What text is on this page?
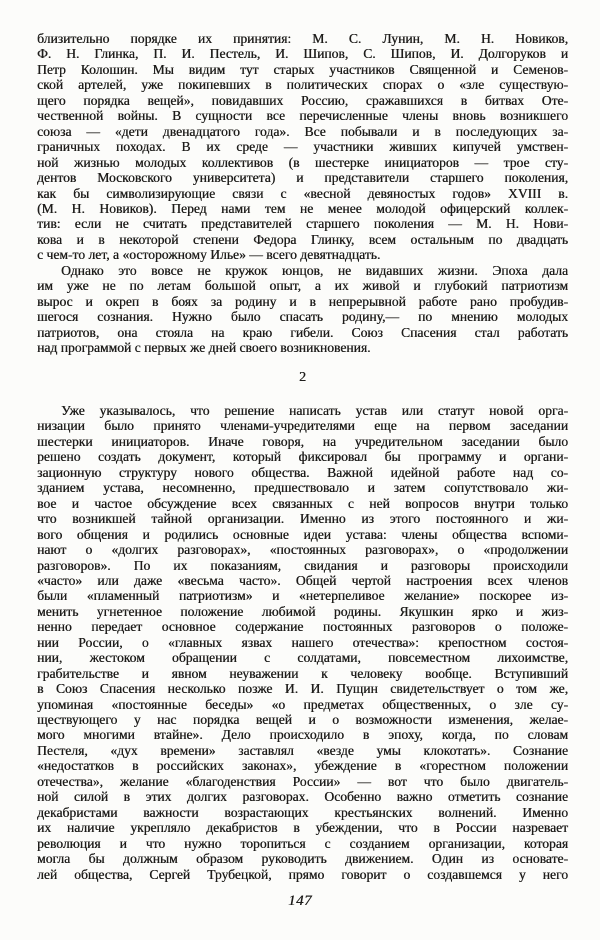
близительно порядке их принятия: М. С. Лунин, М. Н. Новиков,
Ф. Н. Глинка, П. И. Пестель, И. Шипов, С. Шипов, И. Долгоруков и
Петр Колошин. Мы видим тут старых участников Священной и Семенов-
ской артелей, уже покипевших в политических спорах о «зле существую-
щего порядка вещей», повидавших Россию, сражавшихся в битвах Оте-
чественной войны. В сущности все перечисленные члены вновь возникшего
союза — «дети двенадцатого года». Все побывали и в последующих за-
граничных походах. В их среде — участники живших кипучей умствен-
ной жизнью молодых коллективов (в шестерке инициаторов — трое сту-
дентов Московского университета) и представители старшего поколения,
как бы символизирующие связи с «весной девяностых годов» XVIII в.
(М. Н. Новиков). Перед нами тем не менее молодой офицерский коллек-
тив: если не считать представителей старшего поколения — М. Н. Нови-
кова и в некоторой степени Федора Глинку, всем остальным по двадцать
с чем-то лет, а «осторожному Илье» — всего девятнадцать.

Однако это вовсе не кружок юнцов, не видавших жизни. Эпоха дала
им уже не по летам большой опыт, а их живой и глубокий патриотизм
вырос и окреп в боях за родину и в непрерывной работе рано пробудив-
шегося сознания. Нужно было спасать родину,— по мнению молодых
патриотов, она стояла на краю гибели. Союз Спасения стал работать
над программой с первых же дней своего возникновения.

2

Уже указывалось, что решение написать устав или статут новой орга-
низации было принято членами-учредителями еще на первом заседании
шестерки инициаторов. Иначе говоря, на учредительном заседании было
решено создать документ, который фиксировал бы программу и органи-
зационную структуру нового общества. Важной идейной работе над со-
зданием устава, несомненно, предшествовало и затем сопутствовало жи-
вое и частое обсуждение всех связанных с ней вопросов внутри только
что возникшей тайной организации. Именно из этого постоянного и жи-
вого общения и родились основные идеи устава: члены общества вспоми-
нают о «долгих разговорах», «постоянных разговорах», о «продолжении
разговоров». По их показаниям, свидания и разговоры происходили
«часто» или даже «весьма часто». Общей чертой настроения всех членов
были «пламенный патриотизм» и «нетерпеливое желание» поскорее из-
менить угнетенное положение любимой родины. Якушкин ярко и жиз-
ненно передает основное содержание постоянных разговоров о положе-
нии России, о «главных язвах нашего отечества»: крепостном состоя-
нии, жестоком обращении с солдатами, повсеместном лихоимстве,
грабительстве и явном неуважении к человеку вообще. Вступивший
в Союз Спасения несколько позже И. И. Пущин свидетельствует о том же,
упоминая «постоянные беседы» «о предметах общественных, о зле су-
ществующего у нас порядка вещей и о возможности изменения, желае-
мого многими втайне». Дело происходило в эпоху, когда, по словам
Пестеля, «дух времени» заставлял «везде умы клокотать». Сознание
«недостатков в российских законах», убеждение в «горестном положении
отечества», желание «благоденствия России» — вот что было двигатель-
ной силой в этих долгих разговорах. Особенно важно отметить сознание
декабристами важности возрастающих крестьянских волнений. Именно
их наличие укрепляло декабристов в убеждении, что в России назревает
революция и что нужно торопиться с созданием организации, которая
могла бы должным образом руководить движением. Один из основате-
лей общества, Сергей Трубецкой, прямо говорит о создавшемся у него

147
